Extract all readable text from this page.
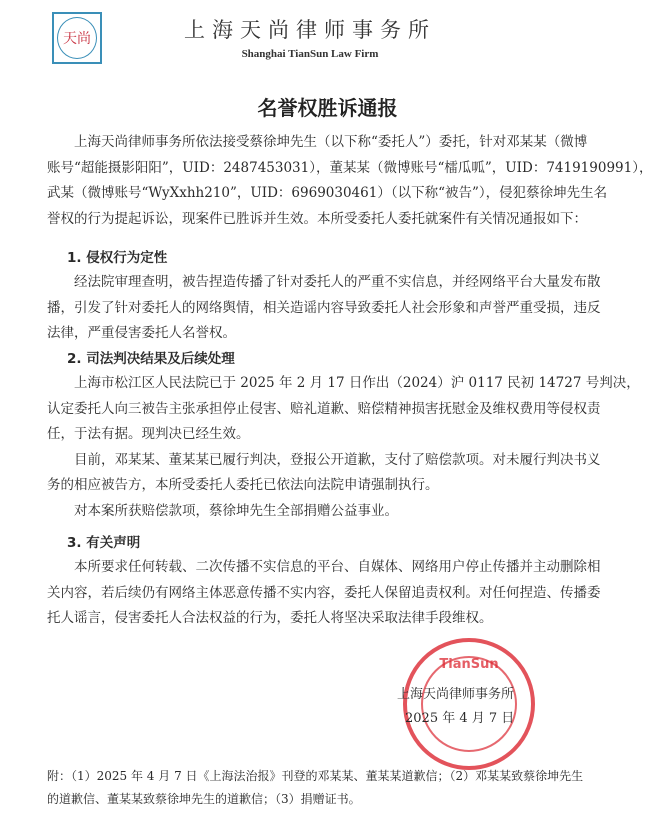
天尚	上海天尚律师事务所
Shanghai TianSun Law Firm
名誉权胜诉通报
上海天尚律师事务所依法接受蔡徐坤先生（以下称“委托人”）委托，针对邓某某（微博
账号“超能摄影阳阳”，UID：2487453031），董某某（微博账号“檑瓜呱”，UID：7419190991），
武某（微博账号“WyXxhh210”，UID：6969030461）（以下称“被告”），侵犯蔡徐坤先生名
誉权的行为提起诉讼，现案件已胜诉并生效。本所受委托人委托就案件有关情况通报如下：
1. 侵权行为定性
经法院审理查明，被告捏造传播了针对委托人的严重不实信息，并经网络平台大量发布散
播，引发了针对委托人的网络舆情，相关造谣内容导致委托人社会形象和声誉严重受损，违反
法律，严重侵害委托人名誉权。
2. 司法判决结果及后续处理
上海市松江区人民法院已于 2025 年 2 月 17 日作出（2024）沪 0117 民初 14727 号判决，
认定委托人向三被告主张承担停止侵害、赔礼道歉、赔偿精神损害抚慰金及维权费用等侵权责
任，于法有据。现判决已经生效。
目前，邓某某、董某某已履行判决，登报公开道歉，支付了赔偿款项。对未履行判决书义
务的相应被告方，本所受委托人委托已依法向法院申请强制执行。
对本案所获赔偿款项，蔡徐坤先生全部捐赠公益事业。
3. 有关声明
本所要求任何转载、二次传播不实信息的平台、自媒体、网络用户停止传播并主动删除相
关内容，若后续仍有网络主体恶意传播不实内容，委托人保留追责权利。对任何捏造、传播委
托人谣言，侵害委托人合法权益的行为，委托人将坚决采取法律手段维权。
TianSun
上海天尚律师事务所
2025 年 4 月 7 日
附：（1）2025 年 4 月 7 日《上海法治报》刊登的邓某某、董某某道歉信；（2）邓某某致蔡徐坤先生
的道歉信、董某某致蔡徐坤先生的道歉信；（3）捐赠证书。
